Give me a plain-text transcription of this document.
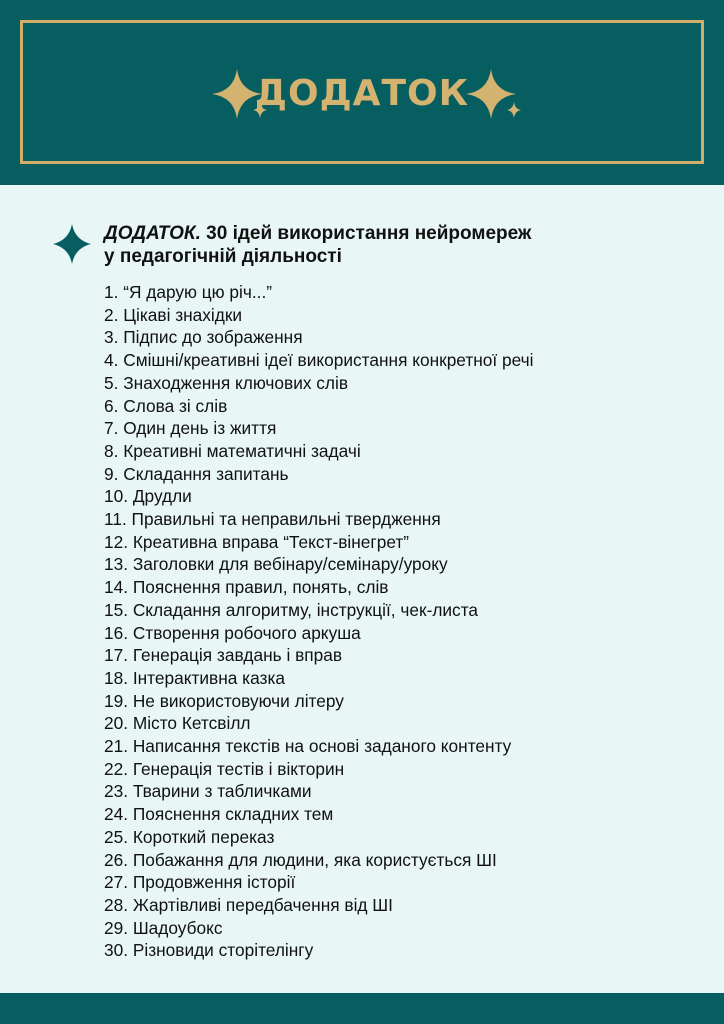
ДОДАТОК
ДОДАТОК. 30 ідей використання нейромереж
у педагогічній діяльності
1. “Я дарую цю річ...”
2. Цікаві знахідки
3. Підпис до зображення
4. Смішні/креативні ідеї використання конкретної речі
5. Знаходження ключових слів
6. Слова зі слів
7. Один день із життя
8. Креативні математичні задачі
9. Складання запитань
10. Друдли
11. Правильні та неправильні твердження
12. Креативна вправа “Текст-вінегрет”
13. Заголовки для вебінару/семінару/уроку
14. Пояснення правил, понять, слів
15. Складання алгоритму, інструкції, чек-листа
16. Створення робочого аркуша
17. Генерація завдань і вправ
18. Інтерактивна казка
19. Не використовуючи літеру
20. Місто Кетсвілл
21. Написання текстів на основі заданого контенту
22. Генерація тестів і вікторин
23. Тварини з табличками
24. Пояснення складних тем
25. Короткий переказ
26. Побажання для людини, яка користується ШІ
27. Продовження історії
28. Жартівливі передбачення від ШІ
29. Шадоубокс
30. Різновиди сторітелінгу
